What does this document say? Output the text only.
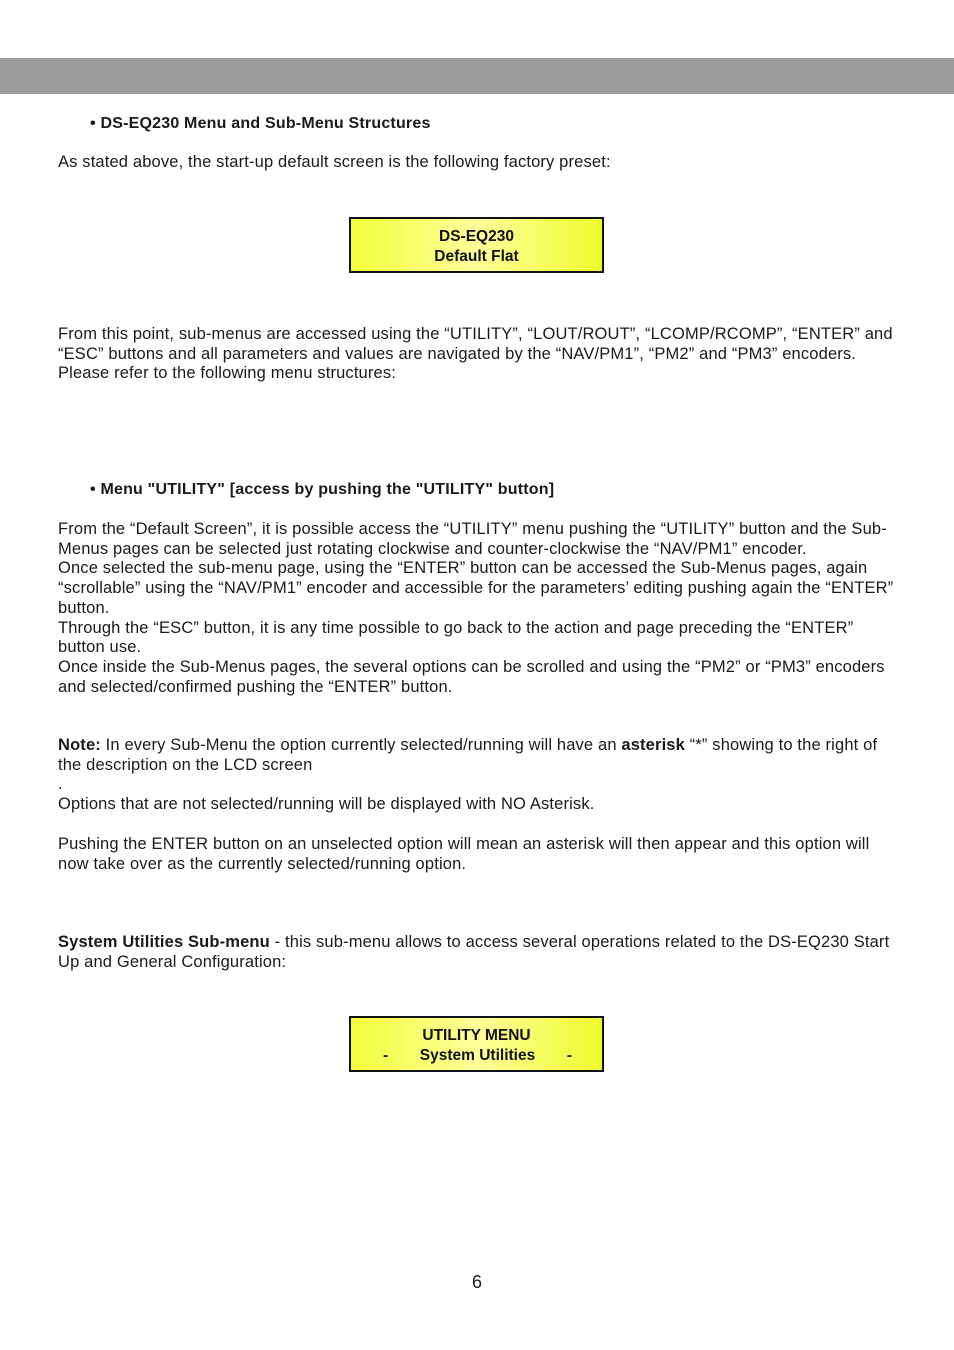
• DS-EQ230 Menu and Sub-Menu Structures

As stated above, the start-up default screen is the following factory preset:

DS-EQ230
Default Flat

From this point, sub-menus are accessed using the “UTILITY”, “LOUT/ROUT”, “LCOMP/RCOMP”, “ENTER” and “ESC” buttons and all parameters and values are navigated by the “NAV/PM1”, “PM2” and “PM3” encoders. Please refer to the following menu structures:

• Menu "UTILITY" [access by pushing the "UTILITY" button]
From the “Default Screen”, it is possible access the “UTILITY” menu pushing the “UTILITY” button and the Sub-Menus pages can be selected just rotating clockwise and counter-clockwise the “NAV/PM1” encoder.
Once selected the sub-menu page, using the “ENTER” button can be accessed the Sub-Menus pages, again “scrollable” using the “NAV/PM1” encoder and accessible for the parameters’ editing pushing again the “ENTER” button.
Through the “ESC” button, it is any time possible to go back to the action and page preceding the “ENTER” button use.
Once inside the Sub-Menus pages, the several options can be scrolled and using the “PM2” or “PM3” encoders and selected/confirmed pushing the “ENTER” button.
Note: In every Sub-Menu the option currently selected/running will have an asterisk “*” showing to the right of the description on the LCD screen
.
Options that are not selected/running will be displayed with NO Asterisk.

Pushing the ENTER button on an unselected option will mean an asterisk will then appear and this option will now take over as the currently selected/running option.

System Utilities Sub-menu - this sub-menu allows to access several operations related to the DS-EQ230 Start Up and General Configuration:
UTILITY MENU
- System Utilities -
6
